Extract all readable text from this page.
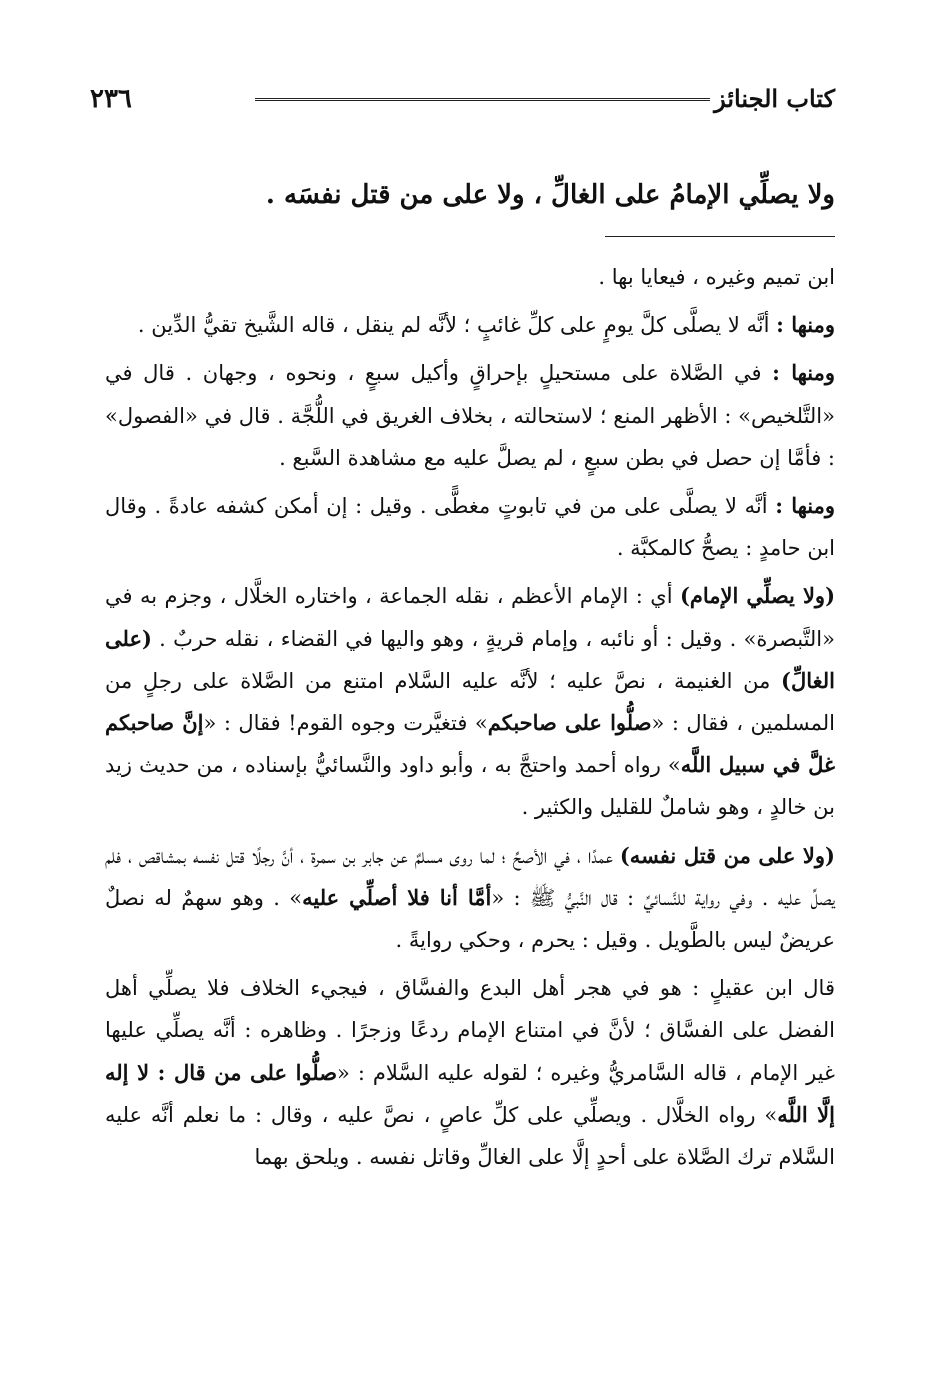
٢٣٦	كتاب الجنائز
ولا يصلِّي الإمامُ على الغالِّ ، ولا على من قتل نفسَه .

ابن تميم وغيره ، فيعايا بها .

ومنها : أنَّه لا يصلَّى كلَّ يومٍ على كلِّ غائبٍ ؛ لأنَّه لم ينقل ، قاله الشَّيخ تقيُّ الدِّين .

ومنها : في الصَّلاة على مستحيلٍ بإحراقٍ وأكيل سبعٍ ، ونحوه ، وجهان . قال في «التَّلخيص» : الأظهر المنع ؛ لاستحالته ، بخلاف الغريق في اللُّجَّة . قال في «الفصول» : فأمَّا إن حصل في بطن سبعٍ ، لم يصلَّ عليه مع مشاهدة السَّبع .

ومنها : أنَّه لا يصلَّى على من في تابوتٍ مغطًّى . وقيل : إن أمكن كشفه عادةً . وقال ابن حامدٍ : يصحُّ كالمكبَّة .

(ولا يصلِّي الإمام) أي : الإمام الأعظم ، نقله الجماعة ، واختاره الخلَّال ، وجزم به في «التَّبصرة» . وقيل : أو نائبه ، وإمام قريةٍ ، وهو واليها في القضاء ، نقله حربٌ . (على الغالِّ) من الغنيمة ، نصَّ عليه ؛ لأنَّه عليه السَّلام امتنع من الصَّلاة على رجلٍ من المسلمين ، فقال : «صلُّوا على صاحبكم» فتغيَّرت وجوه القوم! فقال : «إنَّ صاحبكم غلَّ في سبيل اللَّه» رواه أحمد واحتجَّ به ، وأبو داود والنَّسائيُّ بإسناده ، من حديث زيد بن خالدٍ ، وهو شاملٌ للقليل والكثير .

(ولا على من قتل نفسه) عمدًا ، في الأصحِّ ؛ لما روى مسلمٌ عن جابر بن سمرة ، أنَّ رجلًا قتل نفسه بمشاقص ، فلم يصلِّ عليه . وفي رواية للنَّسائيِّ : قال النَّبيُّ ﷺ : «أمَّا أنا فلا أصلِّي عليه» . وهو سهمٌ له نصلٌ عريضٌ ليس بالطَّويل . وقيل : يحرم ، وحكي روايةً .

قال ابن عقيلٍ : هو في هجر أهل البدع والفسَّاق ، فيجيء الخلاف فلا يصلِّي أهل الفضل على الفسَّاق ؛ لأنَّ في امتناع الإمام ردعًا وزجرًا . وظاهره : أنَّه يصلِّي عليها غير الإمام ، قاله السَّامريُّ وغيره ؛ لقوله عليه السَّلام : «صلُّوا على من قال : لا إله إلَّا اللَّه» رواه الخلَّال . ويصلِّي على كلِّ عاصٍ ، نصَّ عليه ، وقال : ما نعلم أنَّه عليه السَّلام ترك الصَّلاة على أحدٍ إلَّا على الغالِّ وقاتل نفسه . ويلحق بهما
